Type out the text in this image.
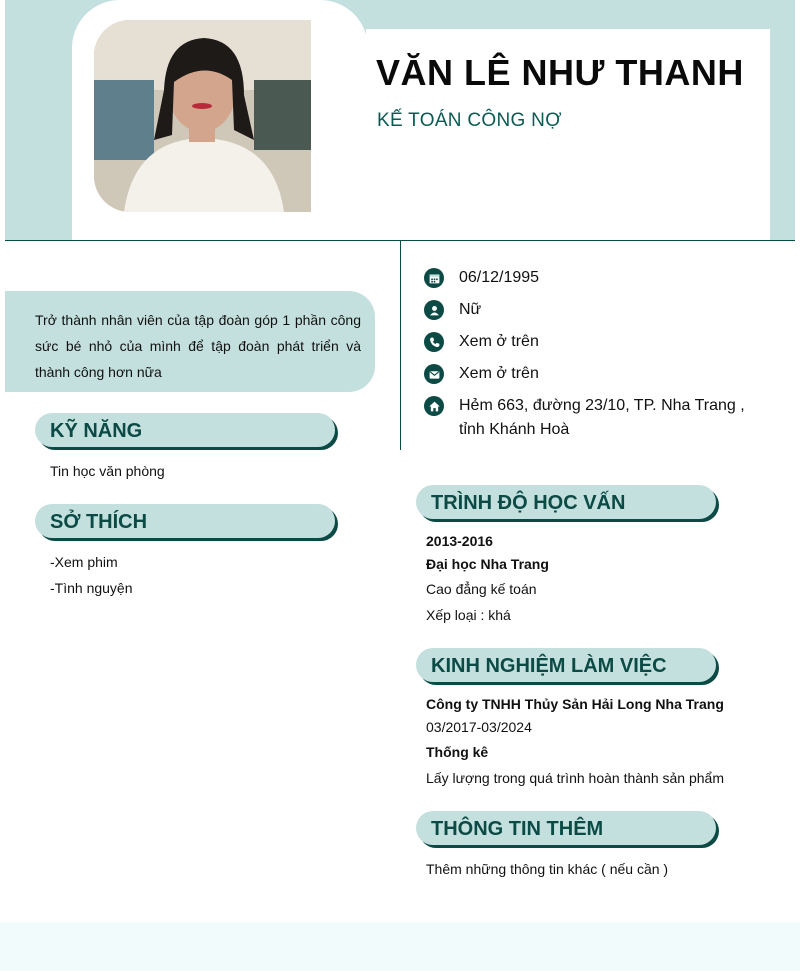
VĂN LÊ NHƯ THANH
KẾ TOÁN CÔNG NỢ
06/12/1995
Nữ
Xem ở trên
Xem ở trên
Hẻm 663, đường 23/10, TP. Nha Trang , tỉnh Khánh Hoà
Trở thành nhân viên của tập đoàn góp 1 phần công sức bé nhỏ của mình để tập đoàn phát triển và thành công hơn nữa
KỸ NĂNG
Tin học văn phòng
SỞ THÍCH
-Xem phim
-Tình nguyện
TRÌNH ĐỘ HỌC VẤN
2013-2016
Đại học Nha Trang
Cao đẳng kế toán
Xếp loại : khá
KINH NGHIỆM LÀM VIỆC
Công ty TNHH Thủy Sản Hải Long Nha Trang
03/2017-03/2024
Thống kê
Lấy lượng trong quá trình hoàn thành sản phẩm
THÔNG TIN THÊM
Thêm những thông tin khác ( nếu cần )
